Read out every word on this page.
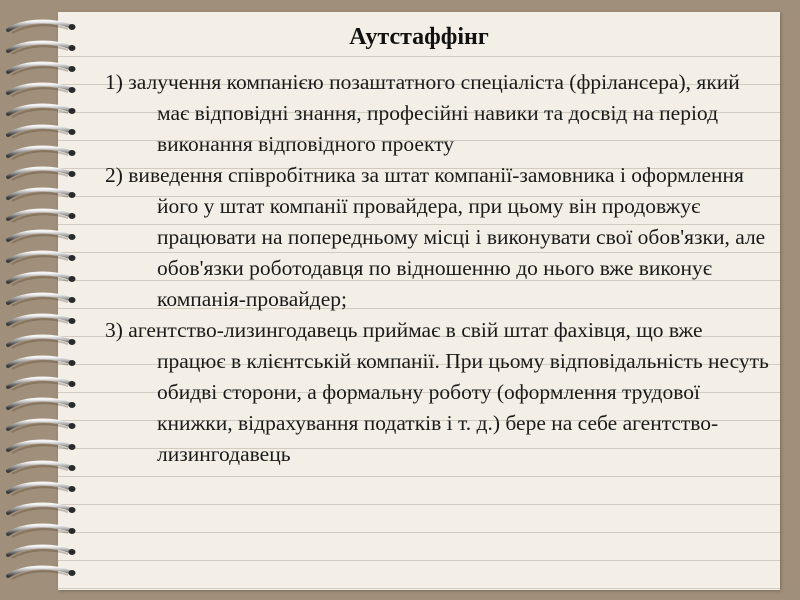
Аутстаффінг

1) залучення компанією позаштатного спеціаліста (фрілансера), який має відповідні знання, професійні навики та досвід на період виконання відповідного проекту

2) виведення співробітника за штат компанії-замовника і оформлення його у штат компанії провайдера, при цьому він продовжує працювати на попередньому місці і виконувати свої обов'язки, але обов'язки роботодавця по відношенню до нього вже виконує компанія-провайдер;

3) агентство-лизингодавець приймає в свій штат фахівця, що вже працює в клієнтській компанії. При цьому відповідальність несуть обидві сторони, а формальну роботу (оформлення трудової книжки, відрахування податків і т. д.) бере на себе агентство-лизингодавець
